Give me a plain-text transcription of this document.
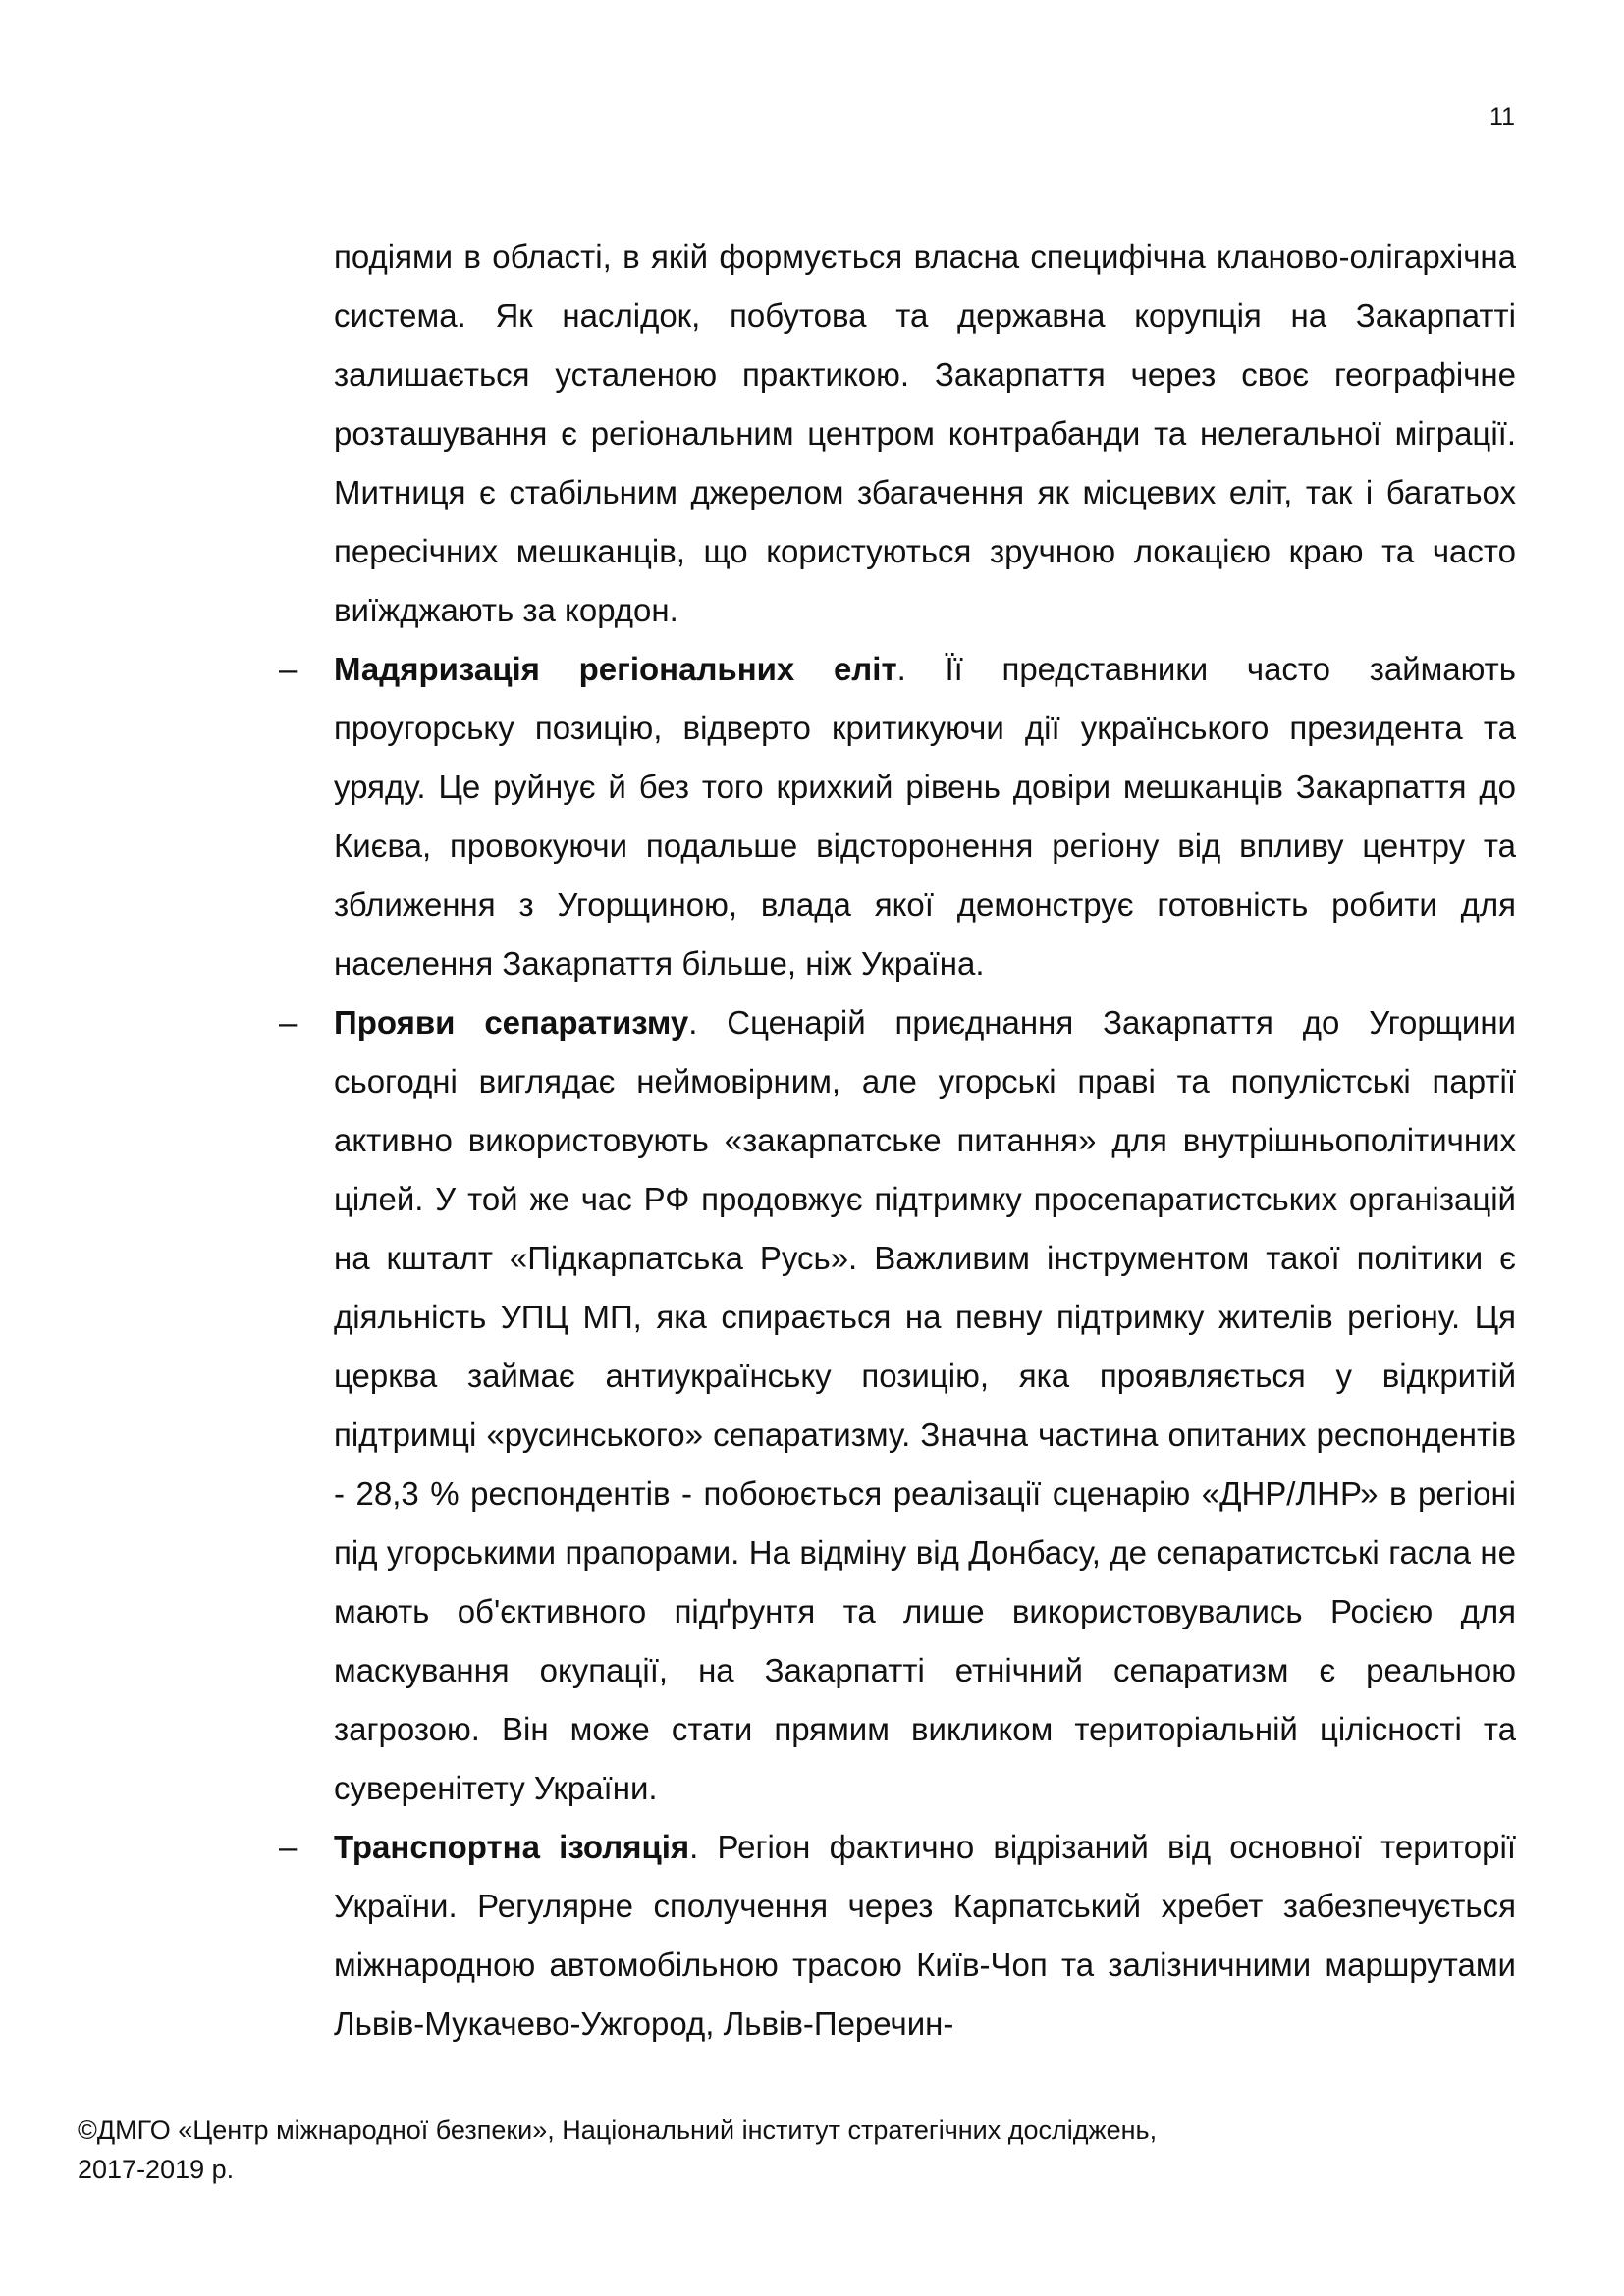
11

подіями в області, в якій формується власна специфічна кланово-олігархічна система. Як наслідок, побутова та державна корупція на Закарпатті залишається усталеною практикою. Закарпаття через своє географічне розташування є регіональним центром контрабанди та нелегальної міграції. Митниця є стабільним джерелом збагачення як місцевих еліт, так і багатьох пересічних мешканців, що користуються зручною локацією краю та часто виїжджають за кордон.

– Мадяризація регіональних еліт. Її представники часто займають проугорську позицію, відверто критикуючи дії українського президента та уряду. Це руйнує й без того крихкий рівень довіри мешканців Закарпаття до Києва, провокуючи подальше відсторонення регіону від впливу центру та зближення з Угорщиною, влада якої демонструє готовність робити для населення Закарпаття більше, ніж Україна.
– Прояви сепаратизму. Сценарій приєднання Закарпаття до Угорщини сьогодні виглядає неймовірним, але угорські праві та популістські партії активно використовують «закарпатське питання» для внутрішньополітичних цілей. У той же час РФ продовжує підтримку просепаратистських організацій на кшталт «Підкарпатська Русь». Важливим інструментом такої політики є діяльність УПЦ МП, яка спирається на певну підтримку жителів регіону. Ця церква займає антиукраїнську позицію, яка проявляється у відкритій підтримці «русинського» сепаратизму. Значна частина опитаних респондентів - 28,3 % респондентів - побоюється реалізації сценарію «ДНР/ЛНР» в регіоні під угорськими прапорами. На відміну від Донбасу, де сепаратистські гасла не мають об'єктивного підґрунтя та лише використовувались Росією для маскування окупації, на Закарпатті етнічний сепаратизм є реальною загрозою. Він може стати прямим викликом територіальній цілісності та суверенітету України.
– Транспортна ізоляція. Регіон фактично відрізаний від основної території України. Регулярне сполучення через Карпатський хребет забезпечується міжнародною автомобільною трасою Київ-Чоп та залізничними маршрутами Львів-Мукачево-Ужгород, Львів-Перечин-
©ДМГО «Центр міжнародної безпеки», Національний інститут стратегічних досліджень,
2017-2019 р.
